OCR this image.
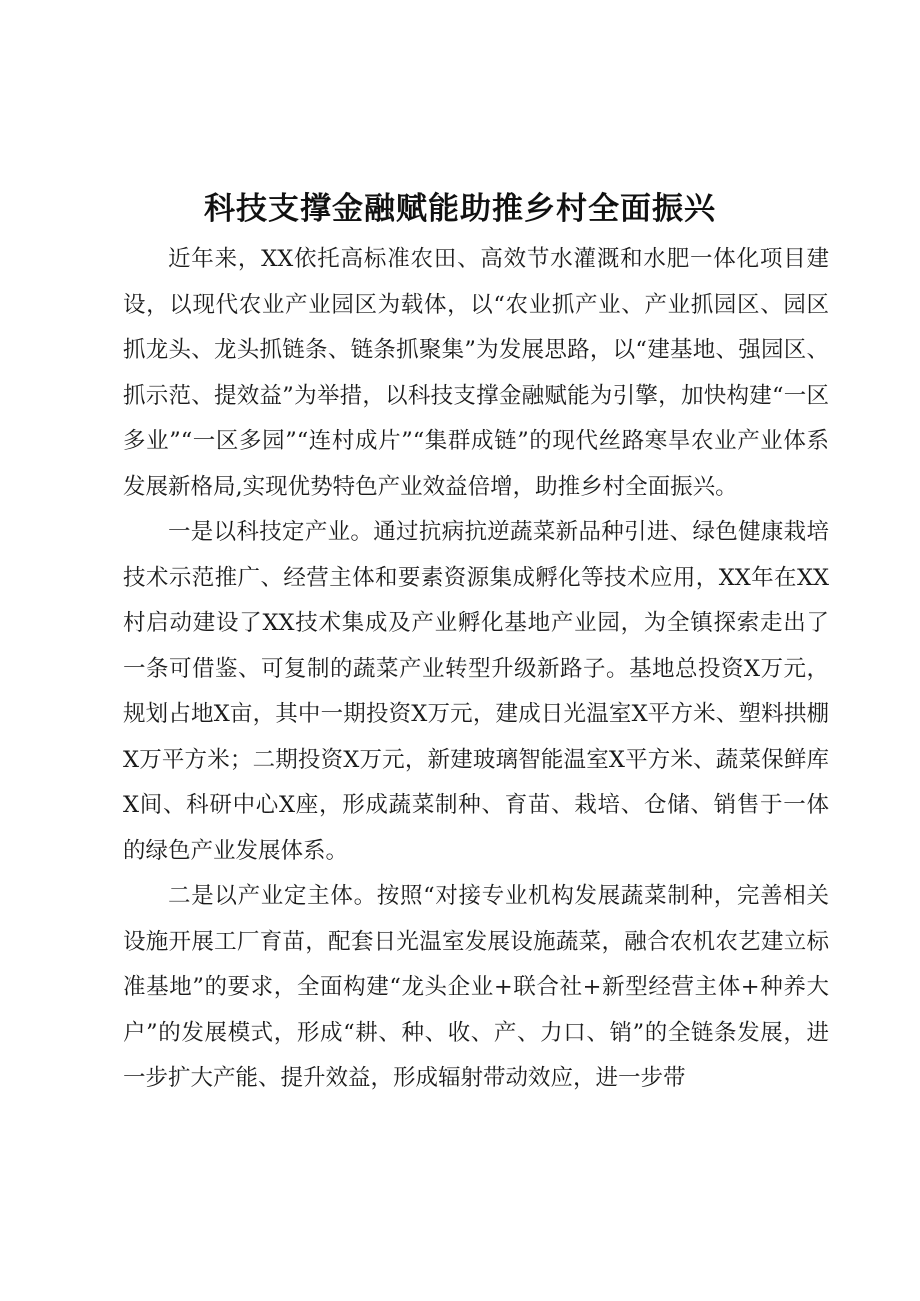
科技支撑金融赋能助推乡村全面振兴

近年来，XX依托高标准农田、高效节水灌溉和水肥一体化项目建设，以现代农业产业园区为载体，以“农业抓产业、产业抓园区、园区抓龙头、龙头抓链条、链条抓聚集”为发展思路，以“建基地、强园区、抓示范、提效益”为举措，以科技支撑金融赋能为引擎，加快构建“一区多业”“一区多园”“连村成片”“集群成链”的现代丝路寒旱农业产业体系发展新格局,实现优势特色产业效益倍增，助推乡村全面振兴。

一是以科技定产业。通过抗病抗逆蔬菜新品种引进、绿色健康栽培技术示范推广、经营主体和要素资源集成孵化等技术应用，XX年在XX村启动建设了XX技术集成及产业孵化基地产业园，为全镇探索走出了一条可借鉴、可复制的蔬菜产业转型升级新路子。基地总投资X万元，规划占地X亩，其中一期投资X万元，建成日光温室X平方米、塑料拱棚X万平方米；二期投资X万元，新建玻璃智能温室X平方米、蔬菜保鲜库X间、科研中心X座，形成蔬菜制种、育苗、栽培、仓储、销售于一体的绿色产业发展体系。

二是以产业定主体。按照“对接专业机构发展蔬菜制种，完善相关设施开展工厂育苗，配套日光温室发展设施蔬菜，融合农机农艺建立标准基地”的要求，全面构建“龙头企业+联合社+新型经营主体+种养大户”的发展模式，形成“耕、种、收、产、力口、销”的全链条发展，进一步扩大产能、提升效益，形成辐射带动效应，进一步带
